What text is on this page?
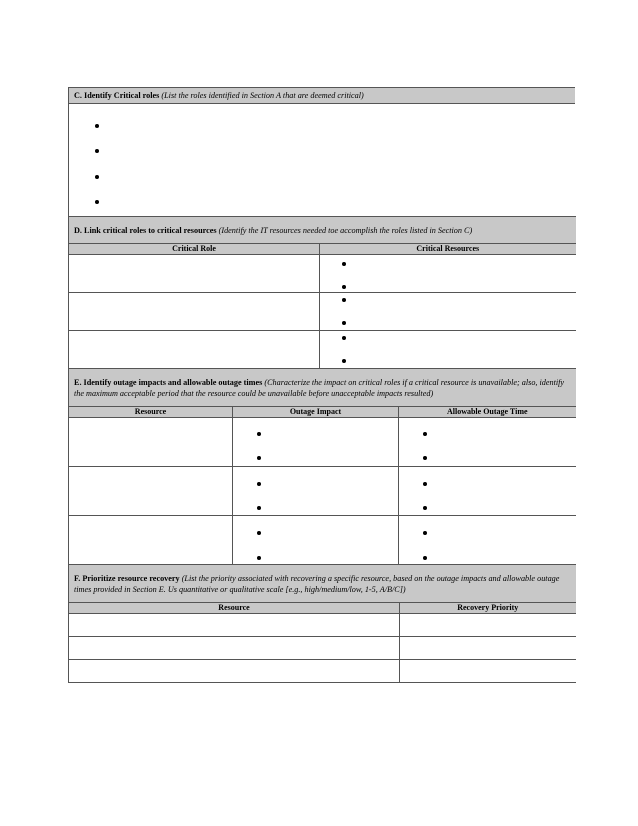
C. Identify Critical roles (List the roles identified in Section A that are deemed critical)

D. Link critical roles to critical resources (Identify the IT resources needed toe accomplish the roles listed in Section C)	
Critical Role	Critical Resources

E. Identify outage impacts and allowable outage times (Characterize the impact on critical roles if a critical resource is unavailable; also, identify the maximum acceptable period that the resource could be unavailable before unacceptable impacts resulted)		
Resource	Outage Impact	Allowable Outage Time

F. Prioritize resource recovery (List the priority associated with recovering a specific resource, based on the outage impacts and allowable outage times provided in Section E. Us quantitative or qualitative scale [e.g., high/medium/low, 1-5, A/B/C])	
Resource	Recovery Priority
